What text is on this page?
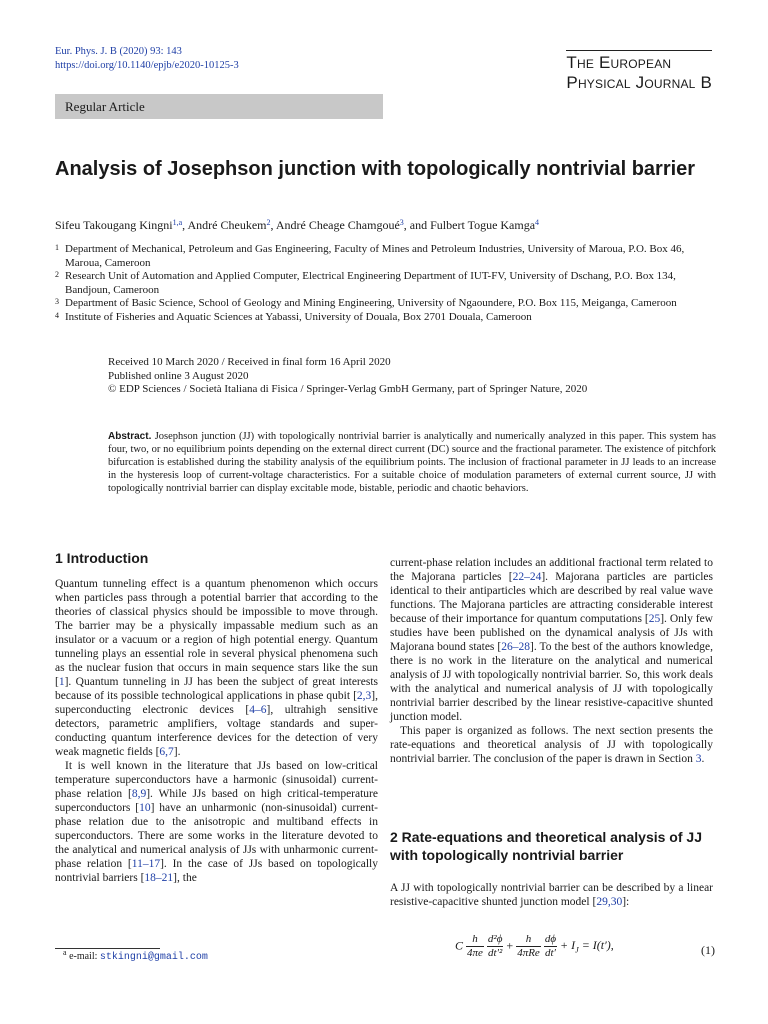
Eur. Phys. J. B (2020) 93: 143
https://doi.org/10.1140/epjb/e2020-10125-3	The European
Physical Journal B
Regular Article
Analysis of Josephson junction with topologically nontrivial barrier
Sifeu Takougang Kingni$^{1,a}$, André Cheukem$^2$, André Cheage Chamgoué$^3$, and Fulbert Togue Kamga$^4$
1 Department of Mechanical, Petroleum and Gas Engineering, Faculty of Mines and Petroleum Industries, University of Maroua, P.O. Box 46, Maroua, Cameroon
2 Research Unit of Automation and Applied Computer, Electrical Engineering Department of IUT-FV, University of Dschang, P.O. Box 134, Bandjoun, Cameroon
3 Department of Basic Science, School of Geology and Mining Engineering, University of Ngaoundere, P.O. Box 115, Meiganga, Cameroon
4 Institute of Fisheries and Aquatic Sciences at Yabassi, University of Douala, Box 2701 Douala, Cameroon
Received 10 March 2020 / Received in final form 16 April 2020
Published online 3 August 2020
© EDP Sciences / Società Italiana di Fisica / Springer-Verlag GmbH Germany, part of Springer Nature, 2020
Abstract. Josephson junction (JJ) with topologically nontrivial barrier is analytically and numerically analyzed in this paper. This system has four, two, or no equilibrium points depending on the external direct current (DC) source and the fractional parameter. The existence of pitchfork bifurcation is established during the stability analysis of the equilibrium points. The inclusion of fractional parameter in JJ leads to an increase in the hysteresis loop of current-voltage characteristics. For a suitable choice of modulation parameters of external current source, JJ with topologically nontrivial barrier can display excitable mode, bistable, periodic and chaotic behaviors.
1 Introduction

Quantum tunneling effect is a quantum phenomenon which occurs when particles pass through a potential barrier that according to the theories of classical physics should be impossible to move through. The barrier may be a physically impassable medium such as an insulator or a vacuum or a region of high potential energy. Quantum tunneling plays an essential role in several physical phenomena such as the nuclear fusion that occurs in main sequence stars like the sun [1]. Quantum tunneling in JJ has been the subject of great interests because of its possible technological applications in phase qubit [2,3], superconducting electronic devices [4–6], ultrahigh sensitive detectors, parametric amplifiers, voltage standards and super-conducting quantum interference devices for the detection of very weak magnetic fields [6,7].

It is well known in the literature that JJs based on low-critical temperature superconductors have a harmonic (sinusoidal) current-phase relation [8,9]. While JJs based on high critical-temperature superconductors [10] have an unharmonic (non-sinusoidal) current-phase relation due to the anisotropic and multiband effects in superconductors. There are some works in the literature devoted to the analytical and numerical analysis of JJs with unharmonic current-phase relation [11–17]. In the case of JJs based on topologically nontrivial barriers [18–21], the

current-phase relation includes an additional fractional term related to the Majorana particles [22–24]. Majorana particles are particles identical to their antiparticles which are described by real value wave functions. The Majorana particles are attracting considerable interest because of their importance for quantum computations [25]. Only few studies have been published on the dynamical analysis of JJs with Majorana bound states [26–28]. To the best of the authors knowledge, there is no work in the literature on the analytical and numerical analysis of JJ with topologically nontrivial barrier. So, this work deals with the analytical and numerical analysis of JJ with topologically nontrivial barrier described by the linear resistive-capacitive shunted junction model.

This paper is organized as follows. The next section presents the rate-equations and theoretical analysis of JJ with topologically nontrivial barrier. The conclusion of the paper is drawn in Section 3.

2 Rate-equations and theoretical analysis of JJ with topologically nontrivial barrier

A JJ with topologically nontrivial barrier can be described by a linear resistive-capacitive shunted junction model [29,30]:

C $\frac{h}{4\pi e}$
$\frac{\text{d²ϕ}}{\text{dt′²}} + \frac{h}{\text{4πRe}}$
$\frac{d\phi}{dt'} + I_J = I(t')$,	(1)
$^a$ e-mail: stkingni@gmail.com
